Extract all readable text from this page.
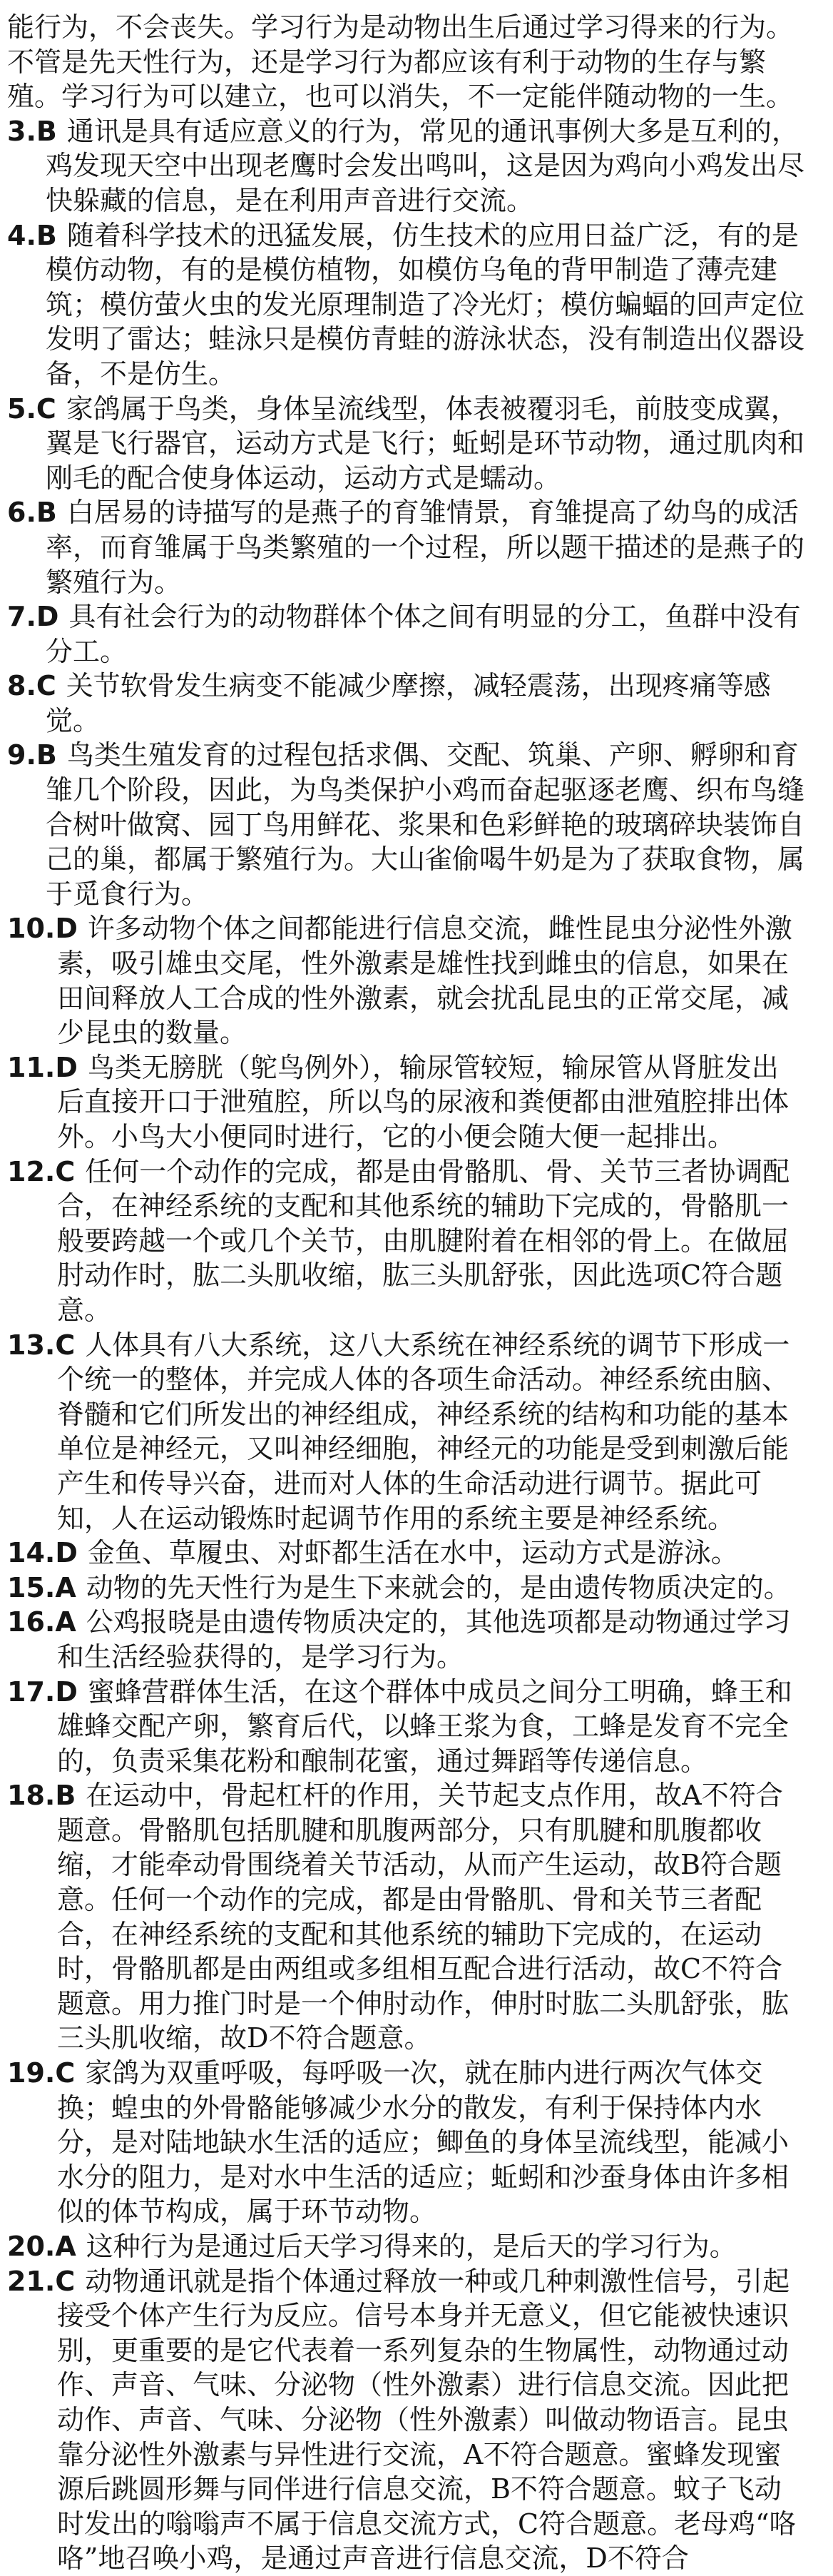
能行为，不会丧失。学习行为是动物出生后通过学习得来的行为。不管是先天性行为，还是学习行为都应该有利于动物的生存与繁殖。学习行为可以建立，也可以消失，不一定能伴随动物的一生。

3.B 通讯是具有适应意义的行为，常见的通讯事例大多是互利的，鸡发现天空中出现老鹰时会发出鸣叫，这是因为鸡向小鸡发出尽快躲藏的信息，是在利用声音进行交流。

4.B 随着科学技术的迅猛发展，仿生技术的应用日益广泛，有的是模仿动物，有的是模仿植物，如模仿乌龟的背甲制造了薄壳建筑；模仿萤火虫的发光原理制造了冷光灯；模仿蝙蝠的回声定位发明了雷达；蛙泳只是模仿青蛙的游泳状态，没有制造出仪器设备，不是仿生。

5.C 家鸽属于鸟类，身体呈流线型，体表被覆羽毛，前肢变成翼，翼是飞行器官，运动方式是飞行；蚯蚓是环节动物，通过肌肉和刚毛的配合使身体运动，运动方式是蠕动。

6.B 白居易的诗描写的是燕子的育雏情景，育雏提高了幼鸟的成活率，而育雏属于鸟类繁殖的一个过程，所以题干描述的是燕子的繁殖行为。

7.D 具有社会行为的动物群体个体之间有明显的分工，鱼群中没有分工。

8.C 关节软骨发生病变不能减少摩擦，减轻震荡，出现疼痛等感觉。

9.B 鸟类生殖发育的过程包括求偶、交配、筑巢、产卵、孵卵和育雏几个阶段，因此，为鸟类保护小鸡而奋起驱逐老鹰、织布鸟缝合树叶做窝、园丁鸟用鲜花、浆果和色彩鲜艳的玻璃碎块装饰自己的巢，都属于繁殖行为。大山雀偷喝牛奶是为了获取食物，属于觅食行为。

10.D 许多动物个体之间都能进行信息交流，雌性昆虫分泌性外激素，吸引雄虫交尾，性外激素是雄性找到雌虫的信息，如果在田间释放人工合成的性外激素，就会扰乱昆虫的正常交尾，减少昆虫的数量。

11.D 鸟类无膀胱（鸵鸟例外），输尿管较短，输尿管从肾脏发出后直接开口于泄殖腔，所以鸟的尿液和粪便都由泄殖腔排出体外。小鸟大小便同时进行，它的小便会随大便一起排出。

12.C 任何一个动作的完成，都是由骨骼肌、骨、关节三者协调配合，在神经系统的支配和其他系统的辅助下完成的，骨骼肌一般要跨越一个或几个关节，由肌腱附着在相邻的骨上。在做屈肘动作时，肱二头肌收缩，肱三头肌舒张，因此选项C符合题意。

13.C 人体具有八大系统，这八大系统在神经系统的调节下形成一个统一的整体，并完成人体的各项生命活动。神经系统由脑、脊髓和它们所发出的神经组成，神经系统的结构和功能的基本单位是神经元，又叫神经细胞，神经元的功能是受到刺激后能产生和传导兴奋，进而对人体的生命活动进行调节。据此可知，人在运动锻炼时起调节作用的系统主要是神经系统。

14.D 金鱼、草履虫、对虾都生活在水中，运动方式是游泳。

15.A 动物的先天性行为是生下来就会的，是由遗传物质决定的。

16.A 公鸡报晓是由遗传物质决定的，其他选项都是动物通过学习和生活经验获得的，是学习行为。

17.D 蜜蜂营群体生活，在这个群体中成员之间分工明确，蜂王和雄蜂交配产卵，繁育后代，以蜂王浆为食，工蜂是发育不完全的，负责采集花粉和酿制花蜜，通过舞蹈等传递信息。

18.B 在运动中，骨起杠杆的作用，关节起支点作用，故A不符合题意。骨骼肌包括肌腱和肌腹两部分，只有肌腱和肌腹都收缩，才能牵动骨围绕着关节活动，从而产生运动，故B符合题意。任何一个动作的完成，都是由骨骼肌、骨和关节三者配合，在神经系统的支配和其他系统的辅助下完成的，在运动时，骨骼肌都是由两组或多组相互配合进行活动，故C不符合题意。用力推门时是一个伸肘动作，伸肘时肱二头肌舒张，肱三头肌收缩，故D不符合题意。

19.C 家鸽为双重呼吸，每呼吸一次，就在肺内进行两次气体交换；蝗虫的外骨骼能够减少水分的散发，有利于保持体内水分，是对陆地缺水生活的适应；鲫鱼的身体呈流线型，能减小水分的阻力，是对水中生活的适应；蚯蚓和沙蚕身体由许多相似的体节构成，属于环节动物。

20.A 这种行为是通过后天学习得来的，是后天的学习行为。

21.C 动物通讯就是指个体通过释放一种或几种刺激性信号，引起接受个体产生行为反应。信号本身并无意义，但它能被快速识别，更重要的是它代表着一系列复杂的生物属性，动物通过动作、声音、气味、分泌物（性外激素）进行信息交流。因此把动作、声音、气味、分泌物（性外激素）叫做动物语言。昆虫靠分泌性外激素与异性进行交流，A不符合题意。蜜蜂发现蜜源后跳圆形舞与同伴进行信息交流，B不符合题意。蚊子飞动时发出的嗡嗡声不属于信息交流方式，C符合题意。老母鸡“咯咯”地召唤小鸡，是通过声音进行信息交流，D不符合
